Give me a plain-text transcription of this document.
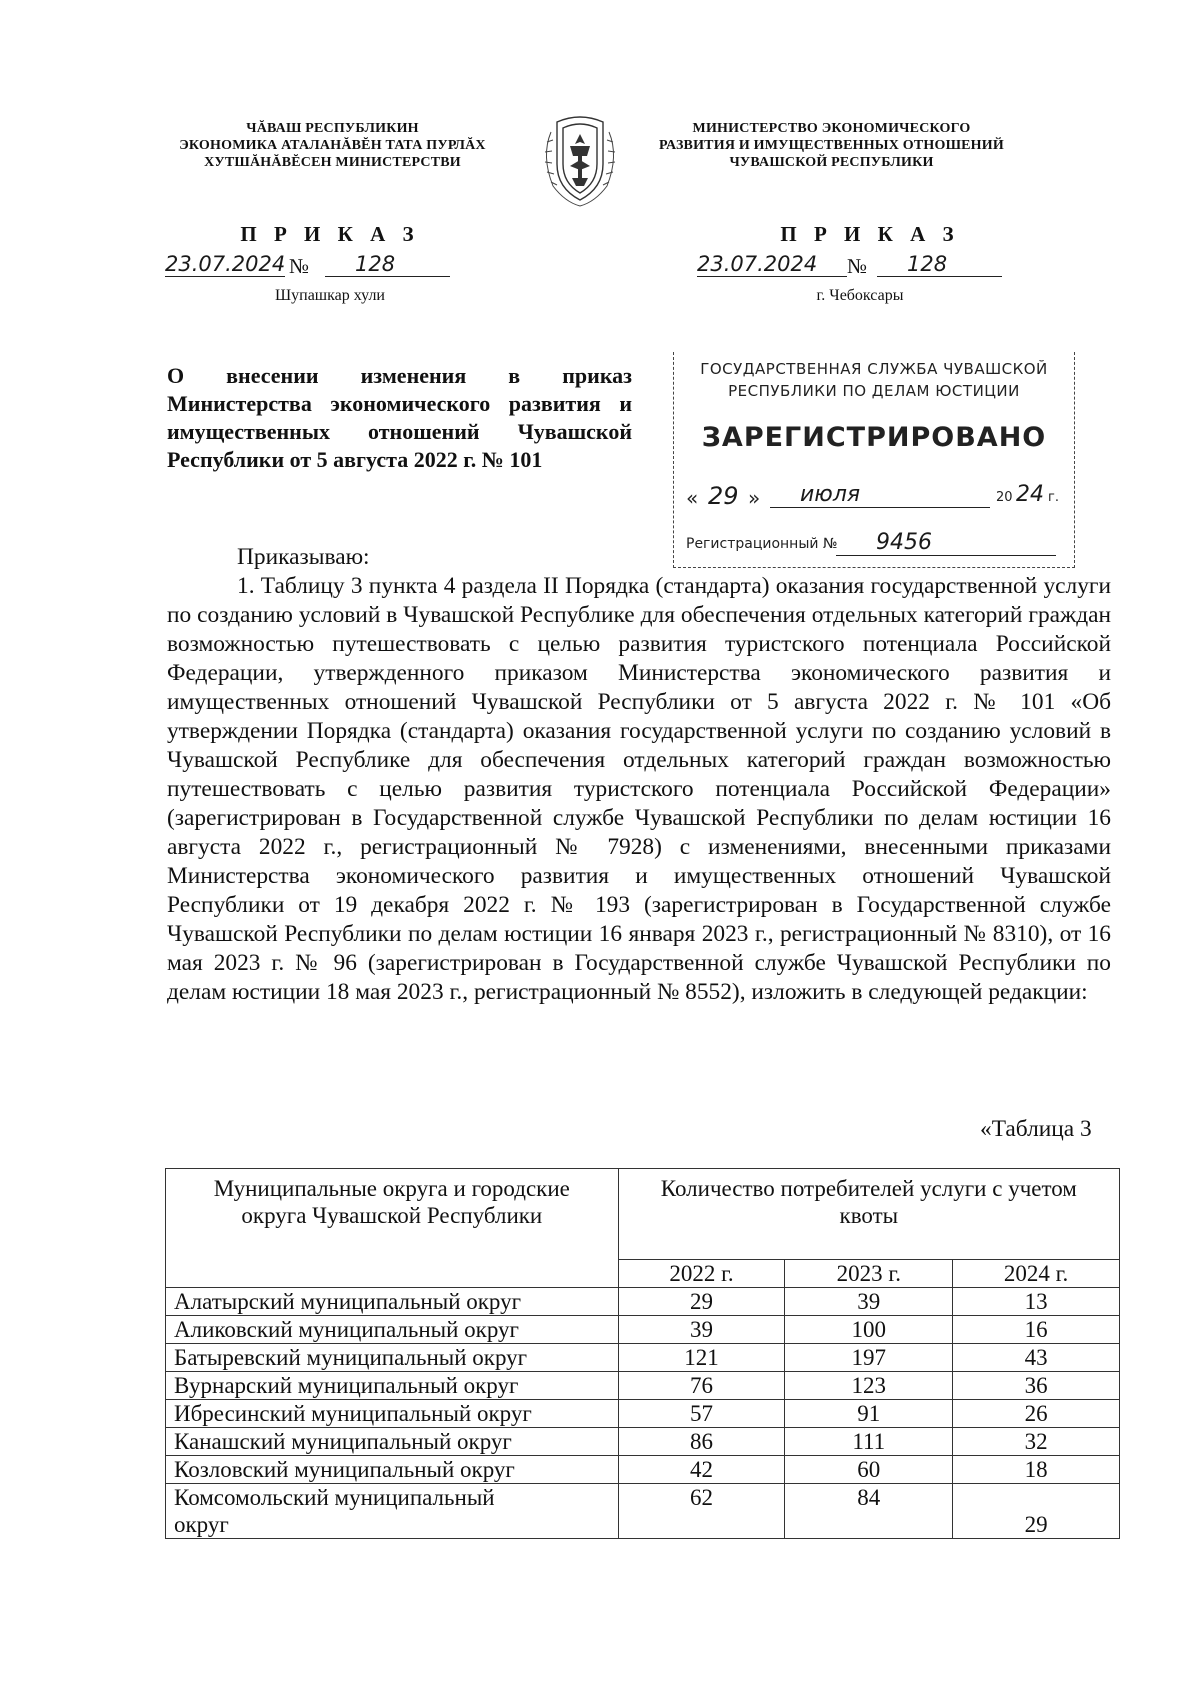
ЧĂВАШ РЕСПУБЛИКИН
ЭКОНОМИКА АТАЛАНĂВĔН ТАТА ПУРЛĂХ
ХУТШĂНĂВĔСЕН МИНИСТЕРСТВИ
МИНИСТЕРСТВО ЭКОНОМИЧЕСКОГО
РАЗВИТИЯ И ИМУЩЕСТВЕННЫХ ОТНОШЕНИЙ
ЧУВАШСКОЙ РЕСПУБЛИКИ
П Р И К А З	П Р И К А З
23.07.2024 №	128
Шупашкар хули
23.07.2024	№	128
г. Чебоксары
О внесении изменения в приказ Министерства экономического развития и имущественных отношений Чувашской Республики от 5 августа 2022 г. № 101
ГОСУДАРСТВЕННАЯ СЛУЖБА ЧУВАШСКОЙ
РЕСПУБЛИКИ ПО ДЕЛАМ ЮСТИЦИИ
ЗАРЕГИСТРИРОВАНО
« 29 »	июля	20 24 г.
Регистрационный №	9456
Приказываю:

1. Таблицу 3 пункта 4 раздела II Порядка (стандарта) оказания государственной услуги по созданию условий в Чувашской Республике для обеспечения отдельных категорий граждан возможностью путешествовать с целью развития туристского потенциала Российской Федерации, утвержденного приказом Министерства экономического развития и имущественных отношений Чувашской Республики от 5 августа 2022 г. № 101 «Об утверждении Порядка (стандарта) оказания государственной услуги по созданию условий в Чувашской Республике для обеспечения отдельных категорий граждан возможностью путешествовать с целью развития туристского потенциала Российской Федерации» (зарегистрирован в Государственной службе Чувашской Республики по делам юстиции 16 августа 2022 г., регистрационный № 7928) с изменениями, внесенными приказами Министерства экономического развития и имущественных отношений Чувашской Республики от 19 декабря 2022 г. № 193 (зарегистрирован в Государственной службе Чувашской Республики по делам юстиции 16 января 2023 г., регистрационный № 8310), от 16 мая 2023 г. № 96 (зарегистрирован в Государственной службе Чувашской Республики по делам юстиции 18 мая 2023 г., регистрационный № 8552), изложить в следующей редакции:

«Таблица 3
Муниципальные округа и городские округа Чувашской Республики	Количество потребителей услуги с учетом квоты		
	2022 г.	2023 г.	2024 г.
Алатырский муниципальный округ	29	39	13
Аликовский муниципальный округ	39	100	16
Батыревский муниципальный округ	121	197	43
Вурнарский муниципальный округ	76	123	36
Ибресинский муниципальный округ	57	91	26
Канашский муниципальный округ	86	111	32
Козловский муниципальный округ	42	60	18
Комсомольский муниципальный округ	62	84	29
